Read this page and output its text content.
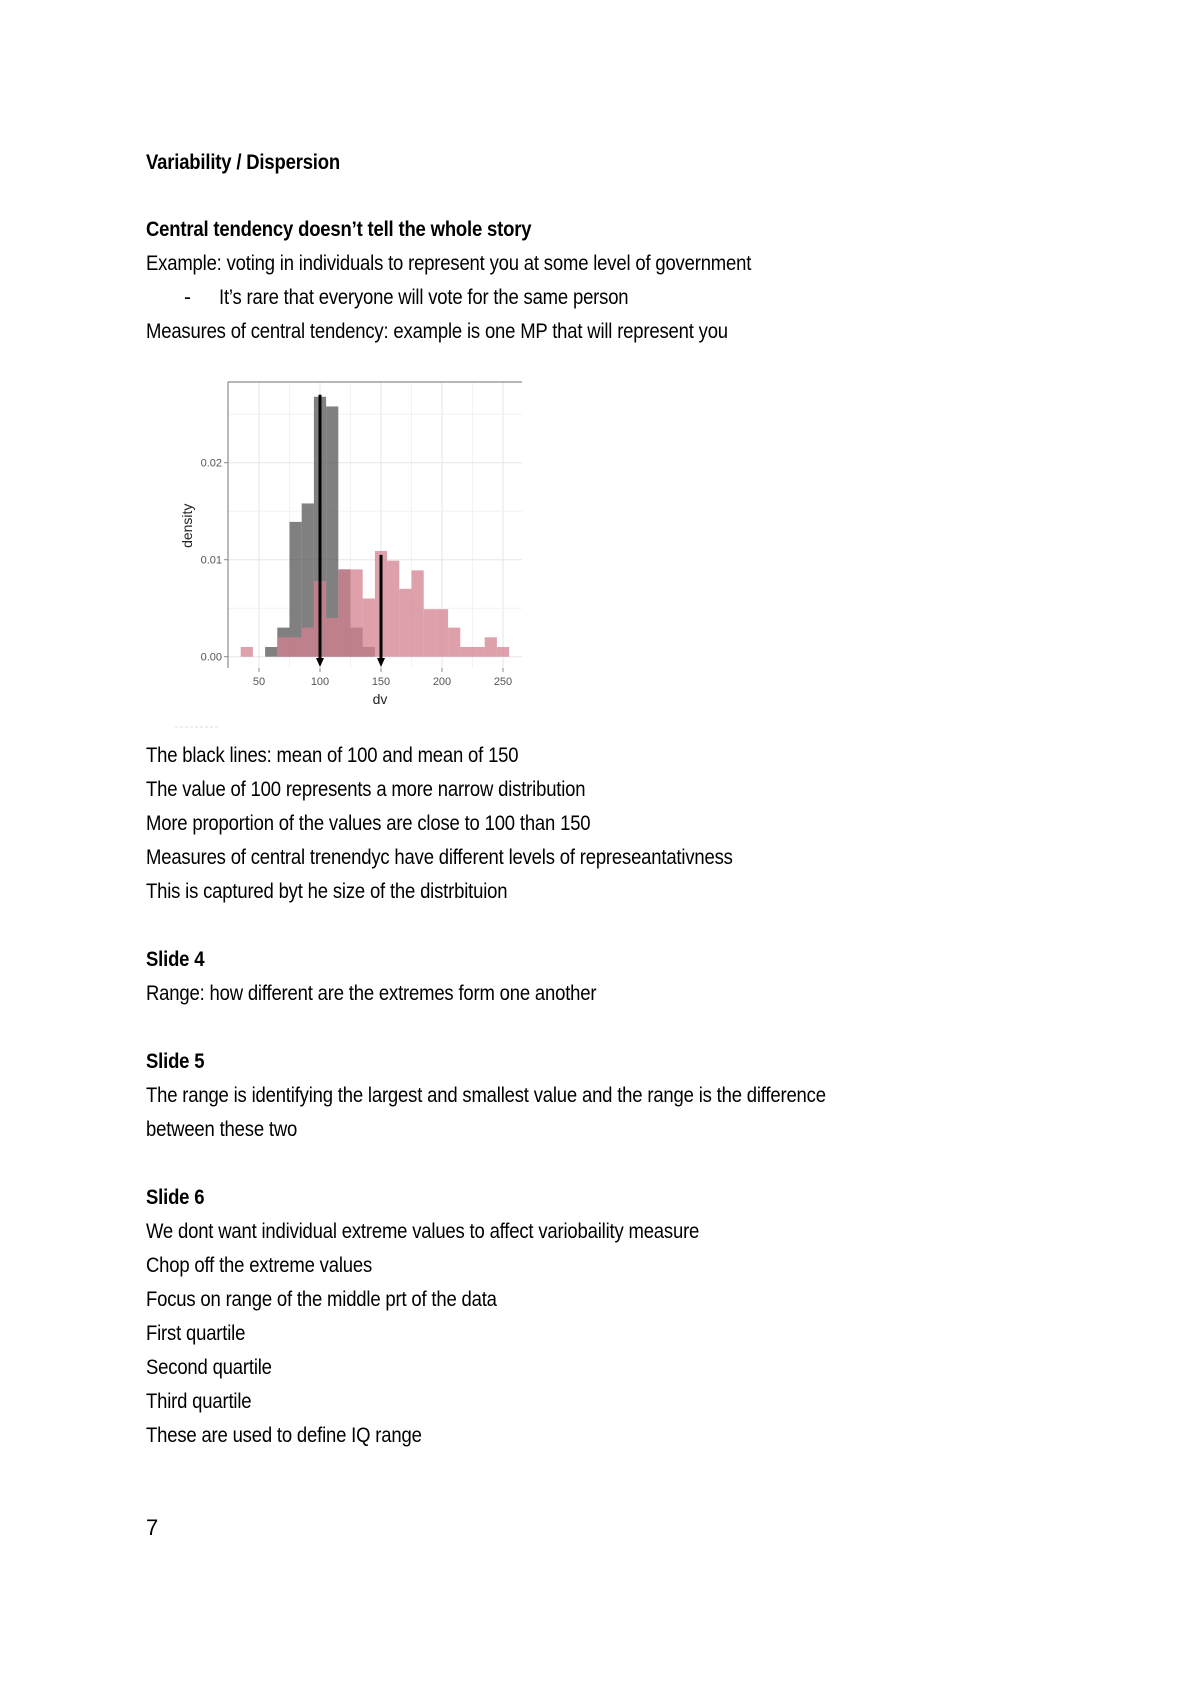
Variability / Dispersion
Central tendency doesn’t tell the whole story
Example: voting in individuals to represent you at some level of government
- It’s rare that everyone will vote for the same person
Measures of central tendency: example is one MP that will represent you
0.00
0.01
0.02
50	100	150	200	250
dv
density
The black lines: mean of 100 and mean of 150
The value of 100 represents a more narrow distribution
More proportion of the values are close to 100 than 150
Measures of central trenendyc have different levels of represeantativness
This is captured byt he size of the distrbituion
Slide 4
Range: how different are the extremes form one another
Slide 5
The range is identifying the largest and smallest value and the range is the difference
between these two
Slide 6
We dont want individual extreme values to affect variobaility measure
Chop off the extreme values
Focus on range of the middle prt of the data
First quartile
Second quartile
Third quartile
These are used to define IQ range
7
